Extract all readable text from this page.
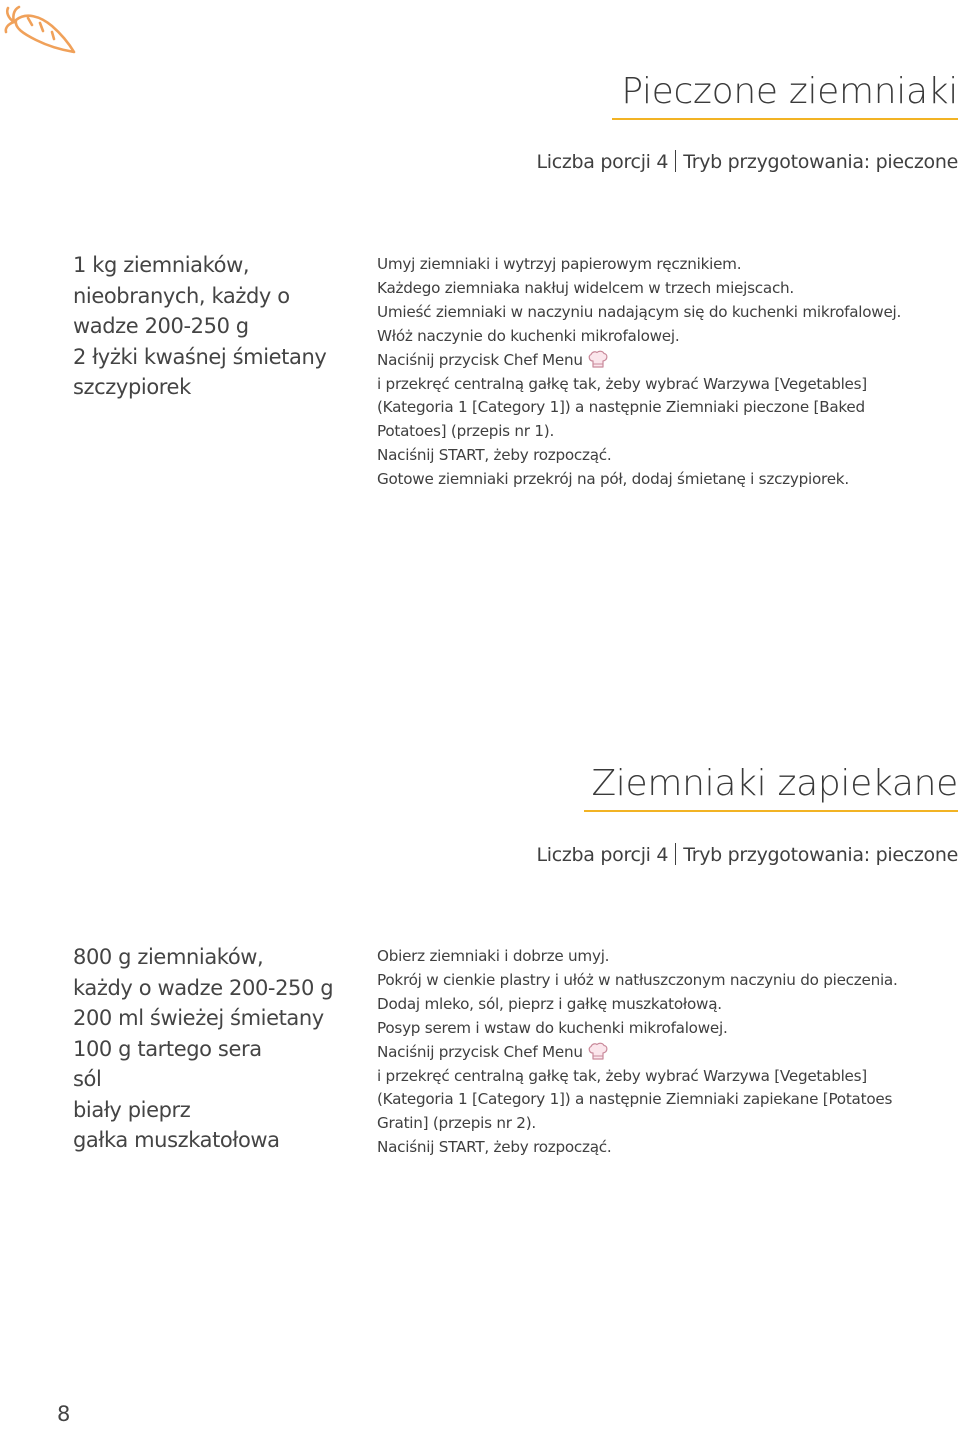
Pieczone ziemniaki
Liczba porcji 4 Tryb przygotowania: pieczone
1 kg ziemniaków,
nieobranych, każdy o
wadze 200-250 g
2 łyżki kwaśnej śmietany
szczypiorek
Umyj ziemniaki i wytrzyj papierowym ręcznikiem.
Każdego ziemniaka nakłuj widelcem w trzech miejscach.
Umieść ziemniaki w naczyniu nadającym się do kuchenki mikrofalowej.
Włóż naczynie do kuchenki mikrofalowej.
Naciśnij przycisk Chef Menu
i przekręć centralną gałkę tak, żeby wybrać Warzywa [Vegetables]
(Kategoria 1 [Category 1]) a następnie Ziemniaki pieczone [Baked
Potatoes] (przepis nr 1).
Naciśnij START, żeby rozpocząć.
Gotowe ziemniaki przekrój na pół, dodaj śmietanę i szczypiorek.
Ziemniaki zapiekane
Liczba porcji 4 Tryb przygotowania: pieczone
800 g ziemniaków,
każdy o wadze 200-250 g
200 ml świeżej śmietany
100 g tartego sera
sól
biały pieprz
gałka muszkatołowa
Obierz ziemniaki i dobrze umyj.
Pokrój w cienkie plastry i ułóż w natłuszczonym naczyniu do pieczenia.
Dodaj mleko, sól, pieprz i gałkę muszkatołową.
Posyp serem i wstaw do kuchenki mikrofalowej.
Naciśnij przycisk Chef Menu
i przekręć centralną gałkę tak, żeby wybrać Warzywa [Vegetables]
(Kategoria 1 [Category 1]) a następnie Ziemniaki zapiekane [Potatoes
Gratin] (przepis nr 2).
Naciśnij START, żeby rozpocząć.
8
